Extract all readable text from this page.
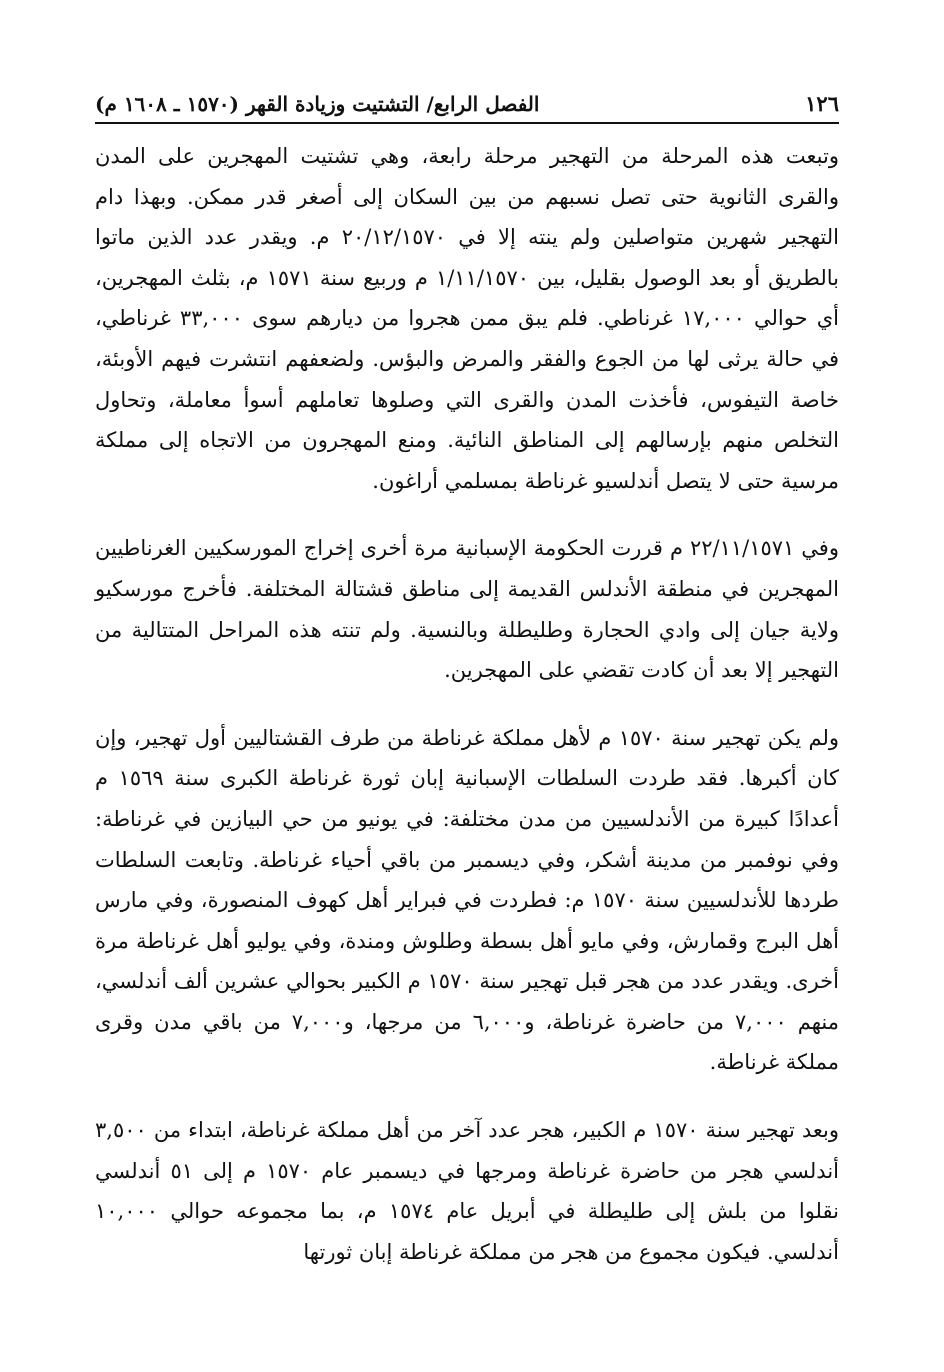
١٢٦
الفصل الرابع/ التشتيت وزيادة القهر (١٥٧٠ ـ ١٦٠٨ م)

وتبعت هذه المرحلة من التهجير مرحلة رابعة، وهي تشتيت المهجرين على المدن والقرى الثانوية حتى تصل نسبهم من بين السكان إلى أصغر قدر ممكن. وبهذا دام التهجير شهرين متواصلين ولم ينته إلا في ٢٠/١٢/١٥٧٠ م. ويقدر عدد الذين ماتوا بالطريق أو بعد الوصول بقليل، بين ١/١١/١٥٧٠ م وربيع سنة ١٥٧١ م، بثلث المهجرين، أي حوالي ١٧,٠٠٠ غرناطي. فلم يبق ممن هجروا من ديارهم سوى ٣٣,٠٠٠ غرناطي، في حالة يرثى لها من الجوع والفقر والمرض والبؤس. ولضعفهم انتشرت فيهم الأوبئة، خاصة التيفوس، فأخذت المدن والقرى التي وصلوها تعاملهم أسوأ معاملة، وتحاول التخلص منهم بإرسالهم إلى المناطق النائية. ومنع المهجرون من الاتجاه إلى مملكة مرسية حتى لا يتصل أندلسيو غرناطة بمسلمي أراغون.

وفي ٢٢/١١/١٥٧١ م قررت الحكومة الإسبانية مرة أخرى إخراج المورسكيين الغرناطيين المهجرين في منطقة الأندلس القديمة إلى مناطق قشتالة المختلفة. فأخرج مورسكيو ولاية جيان إلى وادي الحجارة وطليطلة وبالنسية. ولم تنته هذه المراحل المتتالية من التهجير إلا بعد أن كادت تقضي على المهجرين.

ولم يكن تهجير سنة ١٥٧٠ م لأهل مملكة غرناطة من طرف القشتاليين أول تهجير، وإن كان أكبرها. فقد طردت السلطات الإسبانية إبان ثورة غرناطة الكبرى سنة ١٥٦٩ م أعدادًا كبيرة من الأندلسيين من مدن مختلفة: في يونيو من حي البيازين في غرناطة: وفي نوفمبر من مدينة أشكر، وفي ديسمبر من باقي أحياء غرناطة. وتابعت السلطات طردها للأندلسيين سنة ١٥٧٠ م: فطردت في فبراير أهل كهوف المنصورة، وفي مارس أهل البرج وقمارش، وفي مايو أهل بسطة وطلوش ومندة، وفي يوليو أهل غرناطة مرة أخرى. ويقدر عدد من هجر قبل تهجير سنة ١٥٧٠ م الكبير بحوالي عشرين ألف أندلسي، منهم ٧,٠٠٠ من حاضرة غرناطة، و٦,٠٠٠ من مرجها، و٧,٠٠٠ من باقي مدن وقرى مملكة غرناطة.

وبعد تهجير سنة ١٥٧٠ م الكبير، هجر عدد آخر من أهل مملكة غرناطة، ابتداء من ٣,٥٠٠ أندلسي هجر من حاضرة غرناطة ومرجها في ديسمبر عام ١٥٧٠ م إلى ٥١ أندلسي نقلوا من بلش إلى طليطلة في أبريل عام ١٥٧٤ م، بما مجموعه حوالي ١٠,٠٠٠ أندلسي. فيكون مجموع من هجر من مملكة غرناطة إبان ثورتها
